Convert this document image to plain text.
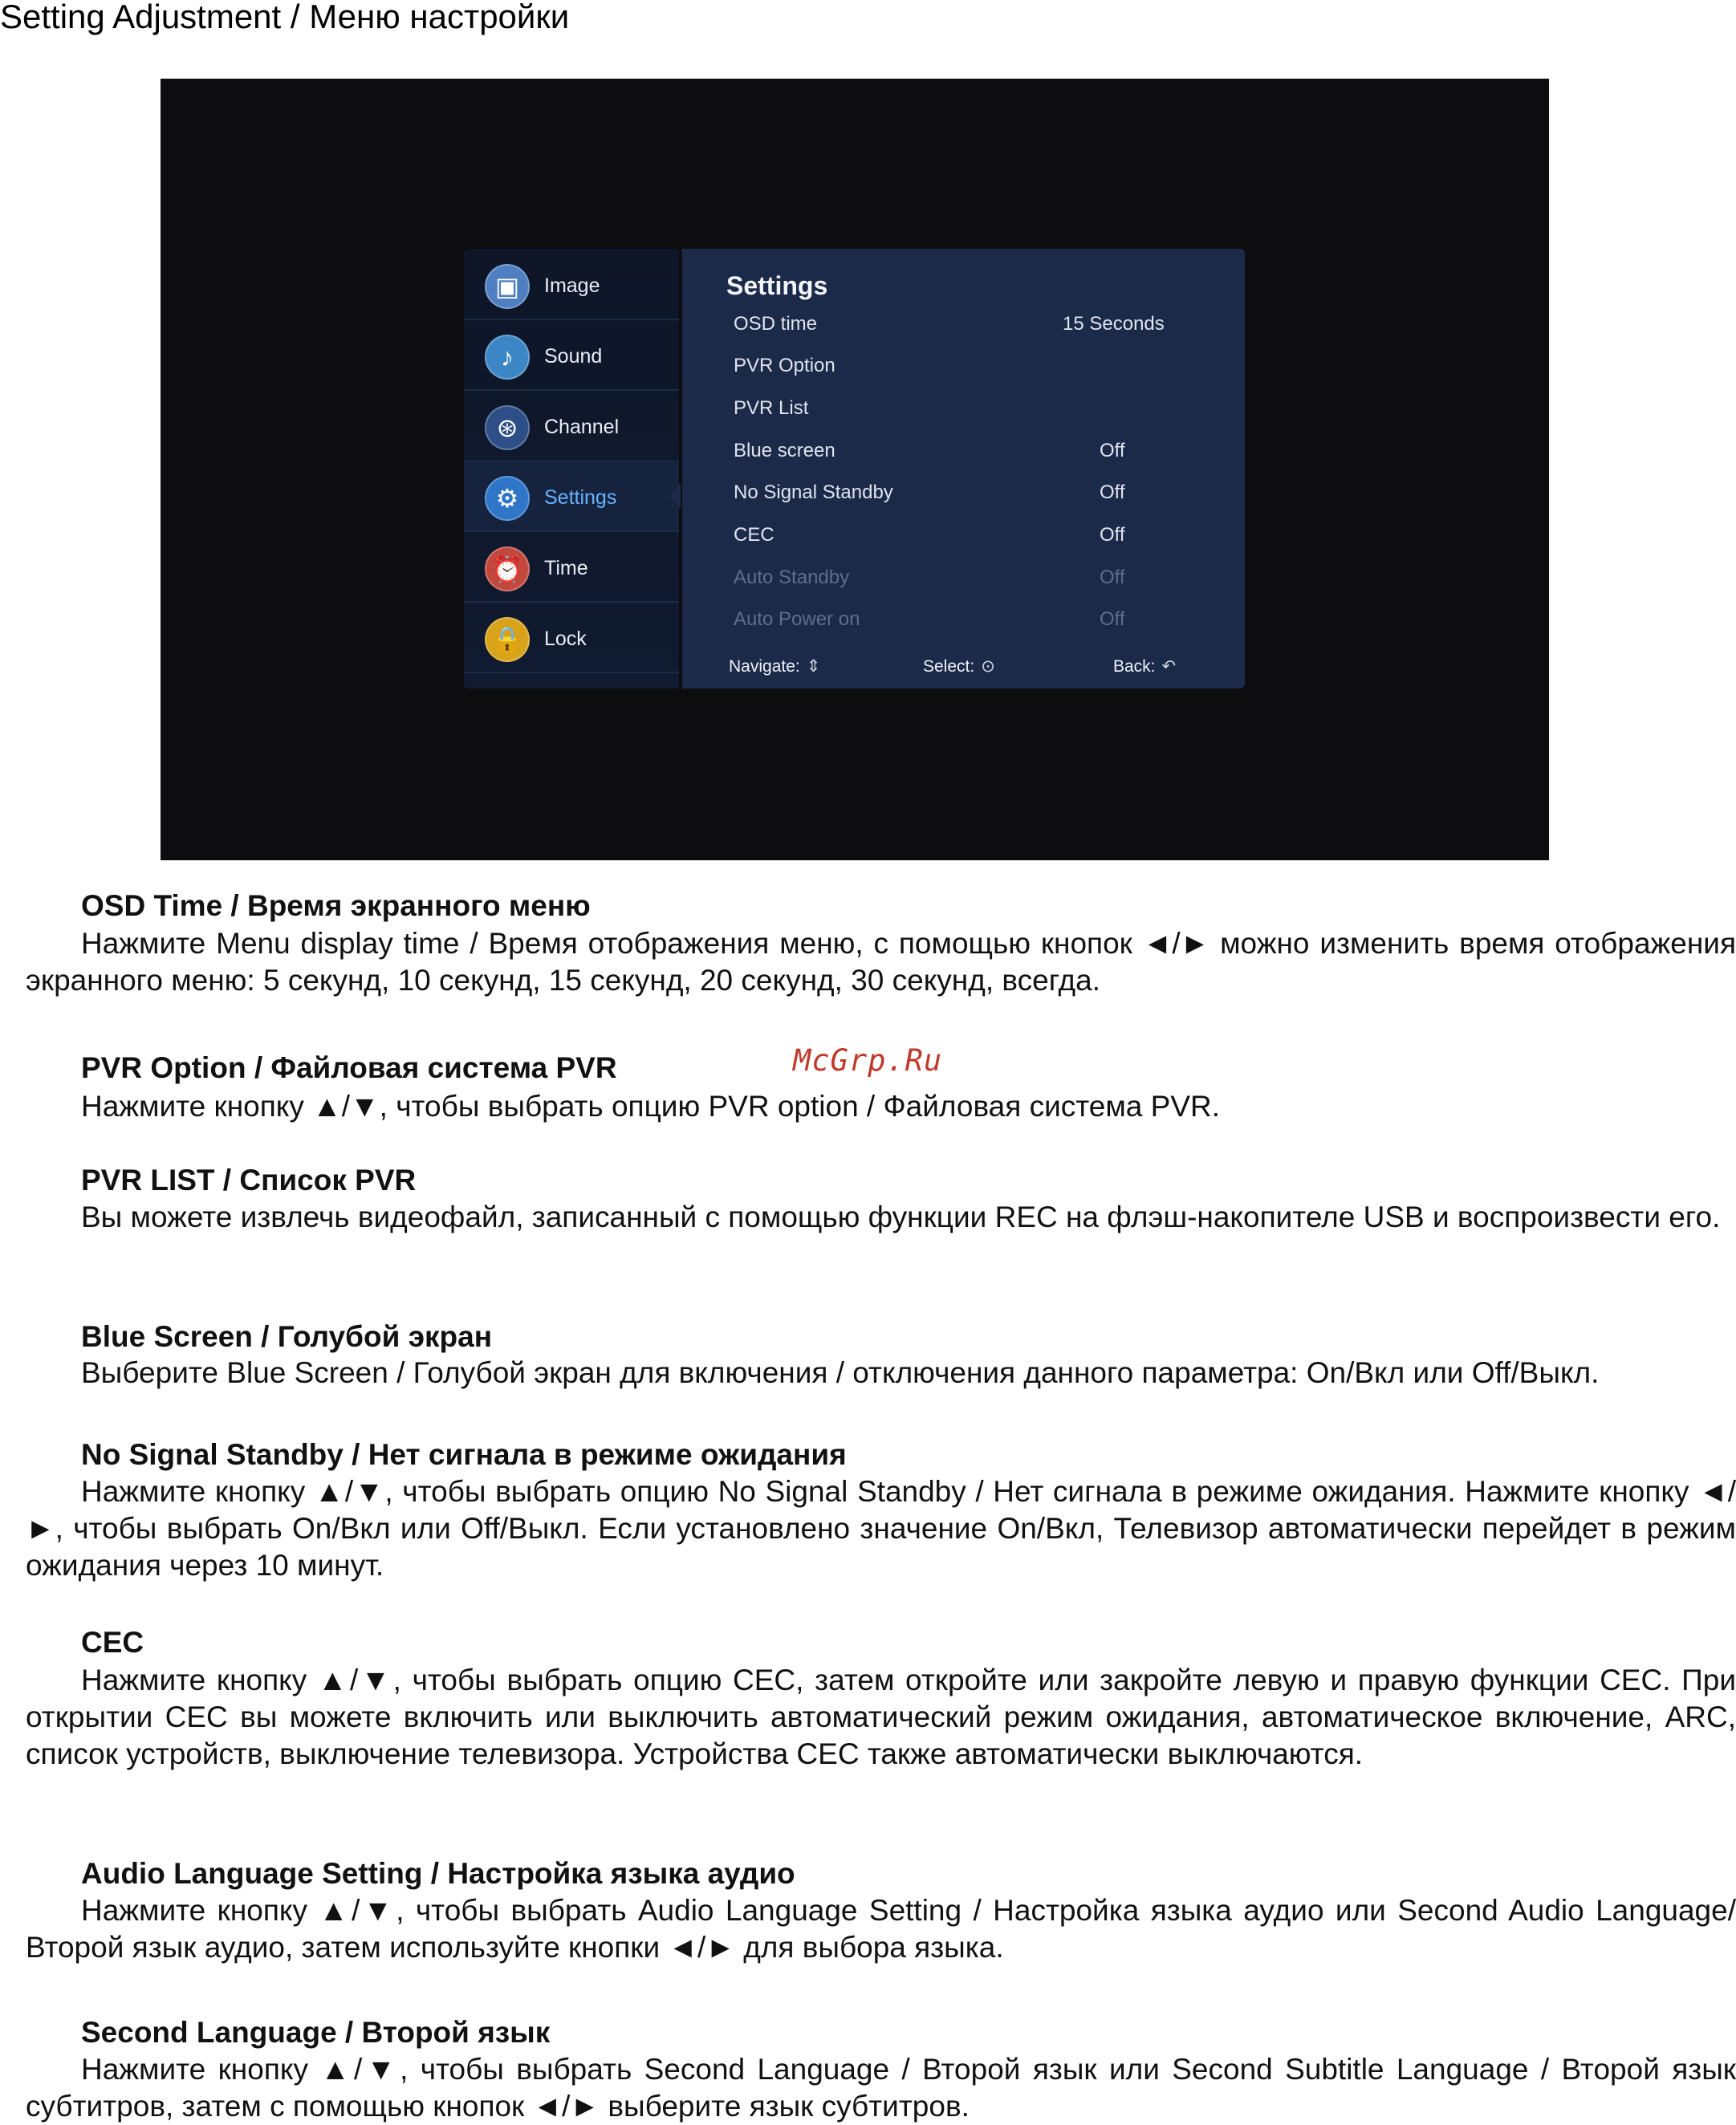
Setting Adjustment / Меню настройки
▣	Image
♪	Sound
⊛	Channel
⚙	Settings
⏰	Time
🔒	Lock
Settings
OSD time	15 Seconds
PVR Option
PVR List
Blue screen	Off
No Signal Standby	Off
CEC	Off
Auto Standby	Off
Auto Power on	Off
Navigate: ⇕	Select: ⊙	Back: ↶
OSD Time / Время экранного меню
Нажмите Menu display time / Время отображения меню, с помощью кнопок ◄/► можно изменить время отображения экранного меню: 5 секунд, 10 секунд, 15 секунд, 20 секунд, 30 секунд, всегда.
PVR Option / Файловая система PVR
Нажмите кнопку ▲/▼, чтобы выбрать опцию PVR option / Файловая система PVR.
PVR LIST / Список PVR
Вы можете извлечь видеофайл, записанный с помощью функции REC на флэш-накопителе USB и воспроизвести его.
Blue Screen / Голубой экран
Выберите Blue Screen / Голубой экран для включения / отключения данного параметра: On/Вкл или Off/Выкл.
No Signal Standby / Нет сигнала в режиме ожидания
Нажмите кнопку ▲/▼, чтобы выбрать опцию No Signal Standby / Нет сигнала в режиме ожидания. Нажмите кнопку ◄/►, чтобы выбрать On/Вкл или Off/Выкл. Если установлено значение On/Вкл, Телевизор автоматически перейдет в режим ожидания через 10 минут.
CEC
Нажмите кнопку ▲/▼, чтобы выбрать опцию CEC, затем откройте или закройте левую и правую функции CEC. При открытии CEC вы можете включить или выключить автоматический режим ожидания, автоматическое включение, ARC, список устройств, выключение телевизора. Устройства CEC также автоматически выключаются.
Audio Language Setting / Настройка языка аудио
Нажмите кнопку ▲/▼, чтобы выбрать Audio Language Setting / Настройка языка аудио или Second Audio Language/ Второй язык аудио, затем используйте кнопки ◄/► для выбора языка.
Second Language / Второй язык
Нажмите кнопку ▲/▼, чтобы выбрать Second Language / Второй язык или Second Subtitle Language / Второй язык субтитров, затем с помощью кнопок ◄/► выберите язык субтитров.
McGrp.Ru
